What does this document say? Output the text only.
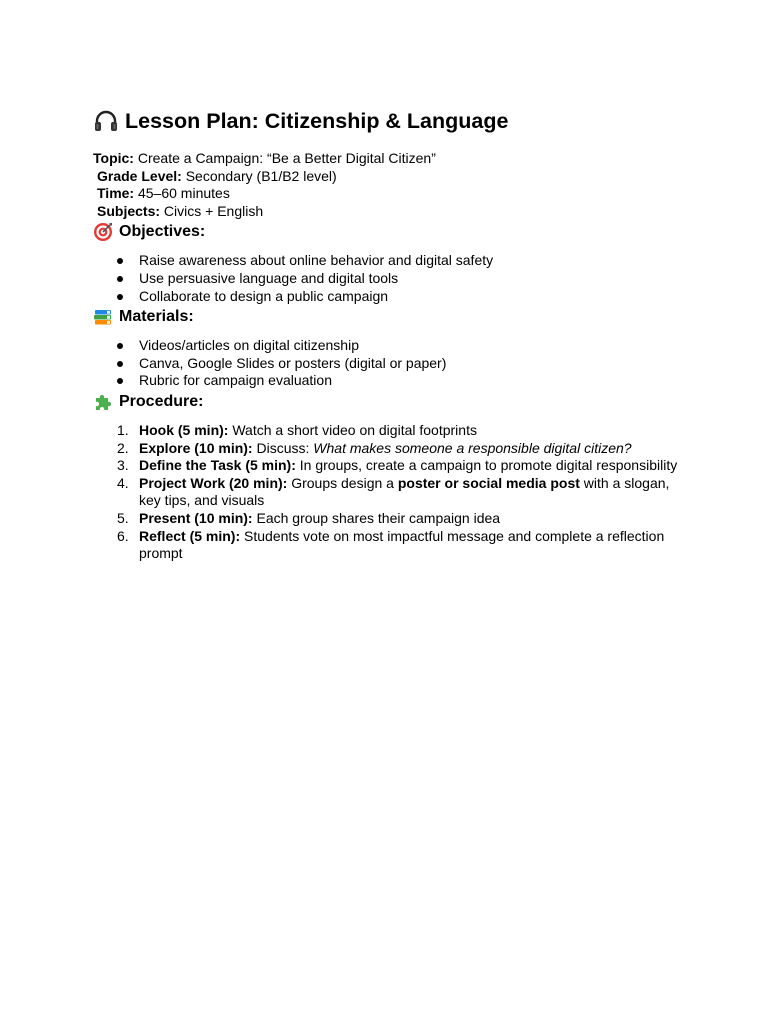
Lesson Plan: Citizenship & Language
Topic: Create a Campaign: “Be a Better Digital Citizen”
Grade Level: Secondary (B1/B2 level)
Time: 45–60 minutes
Subjects: Civics + English
Objectives:
Raise awareness about online behavior and digital safety
Use persuasive language and digital tools
Collaborate to design a public campaign
Materials:
Videos/articles on digital citizenship
Canva, Google Slides or posters (digital or paper)
Rubric for campaign evaluation
Procedure:
1. Hook (5 min): Watch a short video on digital footprints
2. Explore (10 min): Discuss: What makes someone a responsible digital citizen?
3. Define the Task (5 min): In groups, create a campaign to promote digital responsibility
4. Project Work (20 min): Groups design a poster or social media post with a slogan, key tips, and visuals
5. Present (10 min): Each group shares their campaign idea
6. Reflect (5 min): Students vote on most impactful message and complete a reflection prompt
